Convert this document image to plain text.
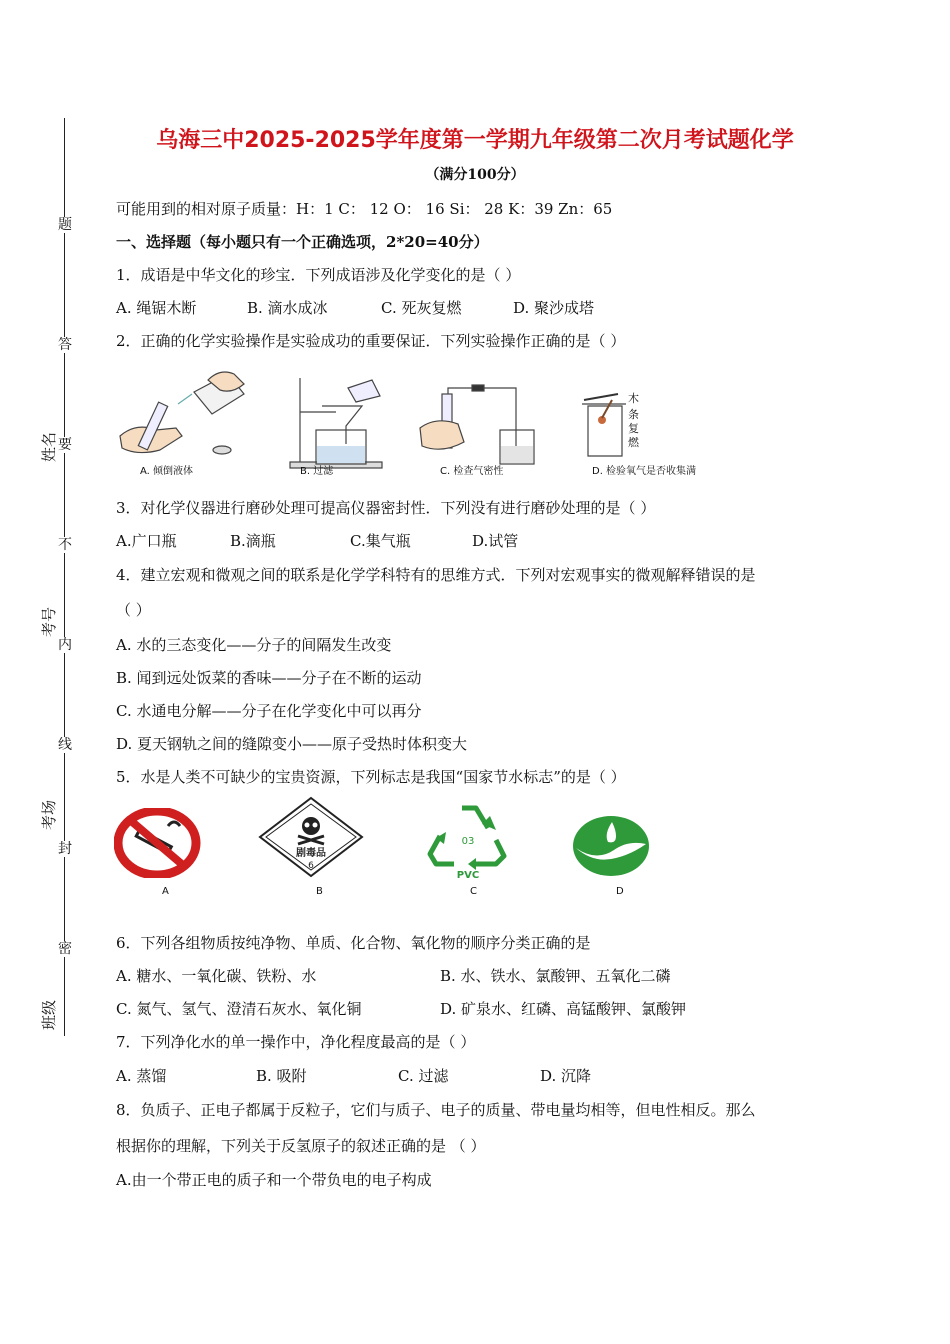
题
答
要
不
内
线
封
密
姓名
考号
考场
班级
乌海三中2025-2025学年度第一学期九年级第二次月考试题化学
（满分100分）
可能用到的相对原子质量：H：1 C： 12 O： 16 Si： 28 K：39 Zn：65
一、选择题（每小题只有一个正确选项，2*20=40分）
1．成语是中华文化的珍宝．下列成语涉及化学变化的是（ ）
A. 绳锯木断	B. 滴水成冰	C. 死灰复燃	D. 聚沙成塔
2．正确的化学实验操作是实验成功的重要保证．下列实验操作正确的是（ ）
A. 倾倒液体	B. 过滤	C. 检查气密性
木
条
复
燃
D. 检验氧气是否收集满
3．对化学仪器进行磨砂处理可提高仪器密封性．下列没有进行磨砂处理的是（ ）
A.广口瓶	B.滴瓶	C.集气瓶	D.试管
4．建立宏观和微观之间的联系是化学学科特有的思维方式．下列对宏观事实的微观解释错误的是
（ ）
A. 水的三态变化——分子的间隔发生改变
B. 闻到远处饭菜的香味——分子在不断的运动
C. 水通电分解——分子在化学变化中可以再分
D. 夏天钢轨之间的缝隙变小——原子受热时体积变大
5．水是人类不可缺少的宝贵资源，下列标志是我国“国家节水标志”的是（ ）
A
剧毒品
6
B
03
PVC
C	D
6．下列各组物质按纯净物、单质、化合物、氧化物的顺序分类正确的是
A. 糖水、一氧化碳、铁粉、水	B. 水、铁水、氯酸钾、五氧化二磷
C. 氮气、氢气、澄清石灰水、氧化铜	D. 矿泉水、红磷、高锰酸钾、氯酸钾
7．下列净化水的单一操作中，净化程度最高的是（ ）
A. 蒸馏	B. 吸附	C. 过滤	D. 沉降
8．负质子、正电子都属于反粒子，它们与质子、电子的质量、带电量均相等，但电性相反。那么
根据你的理解，下列关于反氢原子的叙述正确的是 （ ）
A.由一个带正电的质子和一个带负电的电子构成
